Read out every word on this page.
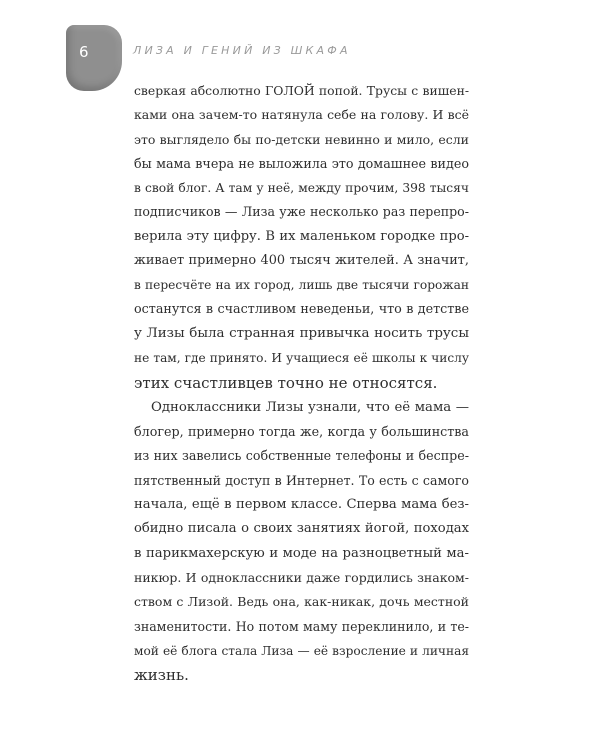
6	ЛИЗА И ГЕНИЙ ИЗ ШКАФА

сверкая абсолютно ГОЛОЙ попой. Трусы с вишен-
ками она зачем-то натянула себе на голову. И всё
это выглядело бы по-детски невинно и мило, если
бы мама вчера не выложила это домашнее видео
в свой блог. А там у неё, между прочим, 398 тысяч
подписчиков — Лиза уже несколько раз перепро-
верила эту цифру. В их маленьком городке про-
живает примерно 400 тысяч жителей. А значит,
в пересчёте на их город, лишь две тысячи горожан
останутся в счастливом неведеньи, что в детстве
у Лизы была странная привычка носить трусы
не там, где принято. И учащиеся её школы к числу
этих счастливцев точно не относятся.

Одноклассники Лизы узнали, что её мама —
блогер, примерно тогда же, когда у большинства
из них завелись собственные телефоны и беспре-
пятственный доступ в Интернет. То есть с самого
начала, ещё в первом классе. Сперва мама без-
обидно писала о своих занятиях йогой, походах
в парикмахерскую и моде на разноцветный ма-
никюр. И одноклассники даже гордились знаком-
ством с Лизой. Ведь она, как-никак, дочь местной
знаменитости. Но потом маму переклинило, и те-
мой её блога стала Лиза — её взросление и личная
жизнь.
